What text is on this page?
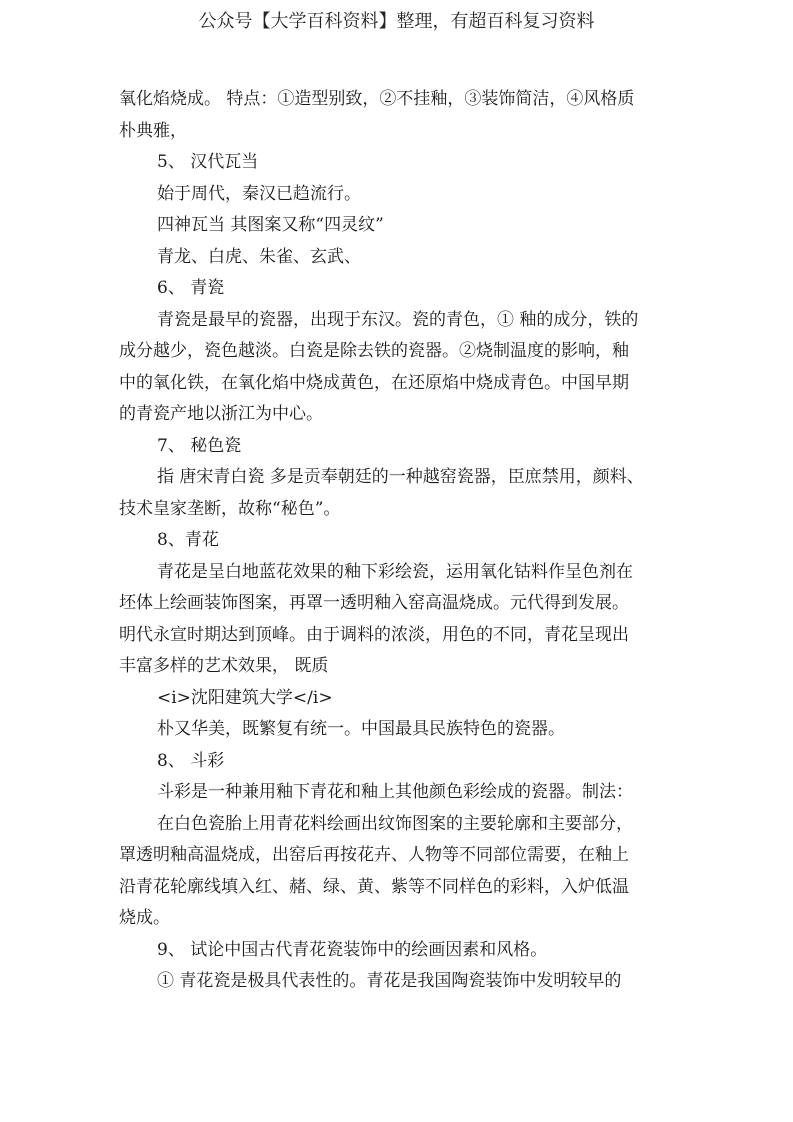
公众号【大学百科资料】整理，有超百科复习资料
氧化焰烧成。 特点：①造型别致，②不挂釉，③装饰简洁，④风格质
朴典雅，
5、 汉代瓦当
始于周代，秦汉已趋流行。
四神瓦当 其图案又称“四灵纹”
青龙、白虎、朱雀、玄武、
6、 青瓷
青瓷是最早的瓷器，出现于东汉。瓷的青色，① 釉的成分，铁的
成分越少，瓷色越淡。白瓷是除去铁的瓷器。②烧制温度的影响，釉
中的氧化铁，在氧化焰中烧成黄色，在还原焰中烧成青色。中国早期
的青瓷产地以浙江为中心。
7、 秘色瓷
指 唐宋青白瓷 多是贡奉朝廷的一种越窑瓷器，臣庶禁用，颜料、
技术皇家垄断，故称“秘色”。
8、青花
青花是呈白地蓝花效果的釉下彩绘瓷，运用氧化钴料作呈色剂在
坯体上绘画装饰图案，再罩一透明釉入窑高温烧成。元代得到发展。
明代永宣时期达到顶峰。由于调料的浓淡，用色的不同，青花呈现出
丰富多样的艺术效果， 既质
<i>沈阳建筑大学</i>
朴又华美，既繁复有统一。中国最具民族特色的瓷器。
8、 斗彩
斗彩是一种兼用釉下青花和釉上其他颜色彩绘成的瓷器。制法：
在白色瓷胎上用青花料绘画出纹饰图案的主要轮廓和主要部分，
罩透明釉高温烧成，出窑后再按花卉、人物等不同部位需要，在釉上
沿青花轮廓线填入红、赭、绿、黄、紫等不同样色的彩料，入炉低温
烧成。
9、 试论中国古代青花瓷装饰中的绘画因素和风格。
① 青花瓷是极具代表性的。青花是我国陶瓷装饰中发明较早的
